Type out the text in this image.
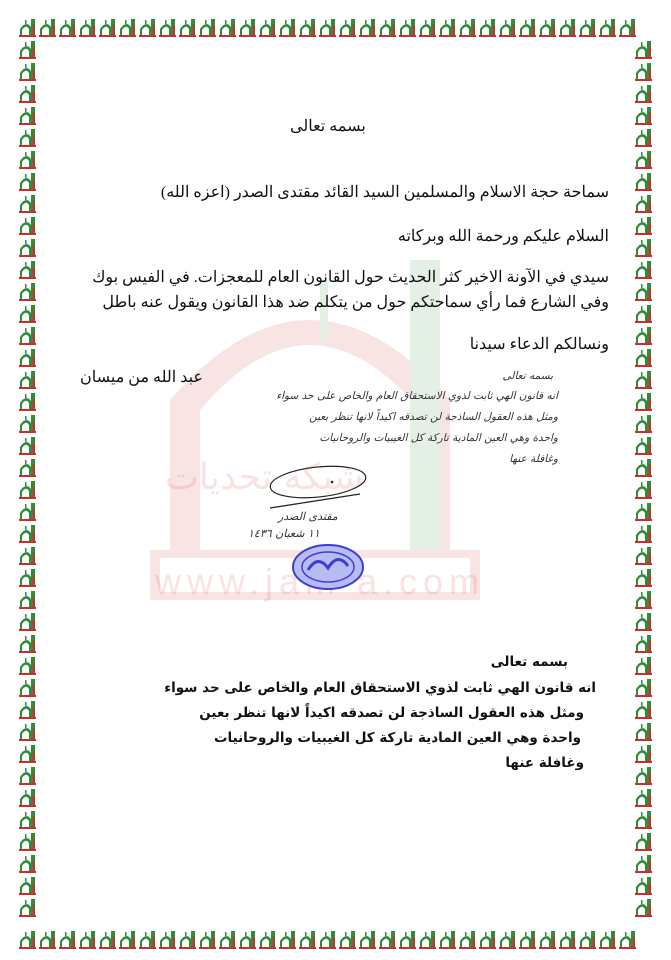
شبكة تحديات
www.jam a.com
بسمه تعالى
سماحة حجة الاسلام والمسلمين السيد القائد مقتدى الصدر (اعزه الله)
السلام عليكم ورحمة الله وبركاته
سيدي في الآونة الاخير كثر الحديث حول القانون العام للمعجزات. في الفيس بوك
وفي الشارع فما رأي سماحتكم حول من يتكلم ضد هذا القانون ويقول عنه باطل
ونسالكم الدعاء سيدنا
عبد الله من ميسان	بسمه تعالى
انه قانون الهي ثابت لذوي الاستحقاق العام والخاص على حد سواء
ومثل هذه العقول الساذجة لن تصدقه اكيداً لانها تنظر بعين
واحدة وهي العين المادية تاركة كل الغيبيات والروحانيات
وغافلة عنها
مقتدى الصدر
١١ شعبان ١٤٣٦
بسمه تعالى
انه قانون الهي ثابت لذوي الاستحقاق العام والخاص على حد سواء
ومثل هذه العقول الساذجة لن تصدقه اكيداً لانها تنظر بعين
واحدة وهي العين المادية تاركة كل الغيبيات والروحانيات
وغافلة عنها
